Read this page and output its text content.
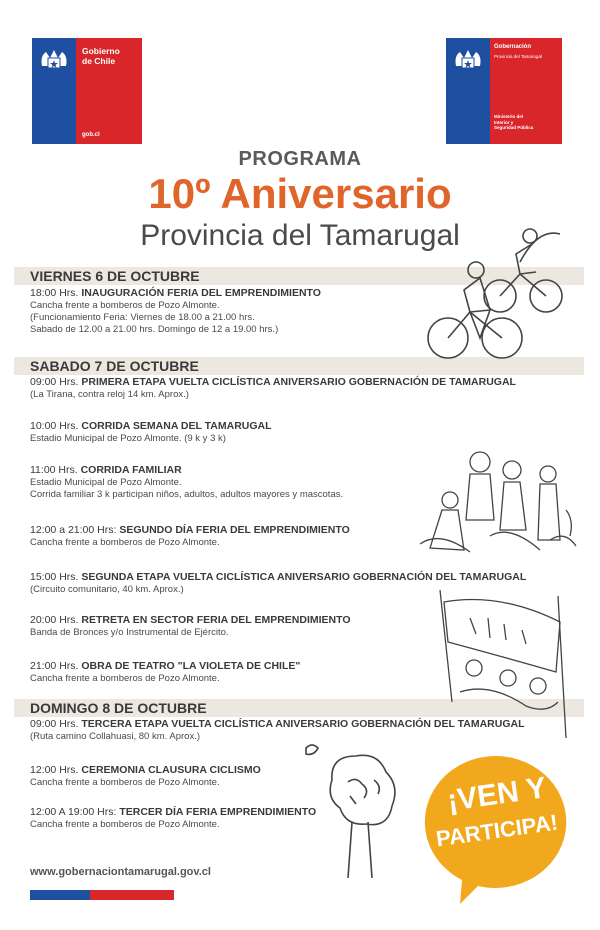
Gobierno
de Chile
gob.cl
Gobernación
Provincia del Tamarugal
Ministerio del
Interior y
Seguridad Pública
PROGRAMA
10º Aniversario
Provincia del Tamarugal
VIERNES 6 DE OCTUBRE
18:00 Hrs. INAUGURACIÓN FERIA DEL EMPRENDIMIENTO
Cancha frente a bomberos de Pozo Almonte.
(Funcionamiento Feria: Viernes de 18.00 a 21.00 hrs.
Sabado de 12.00 a 21.00 hrs. Domingo de 12 a 19.00 hrs.)
SABADO 7 DE OCTUBRE
09:00 Hrs. PRIMERA ETAPA VUELTA CICLÍSTICA ANIVERSARIO GOBERNACIÓN DE TAMARUGAL
(La Tirana, contra reloj 14 km. Aprox.)
10:00 Hrs. CORRIDA SEMANA DEL TAMARUGAL
Estadio Municipal de Pozo Almonte. (9 k y 3 k)
11:00 Hrs. CORRIDA FAMILIAR
Estadio Municipal de Pozo Almonte.
Corrida familiar 3 k participan niños, adultos, adultos mayores y mascotas.
12:00 a 21:00 Hrs: SEGUNDO DÍA FERIA DEL EMPRENDIMIENTO
Cancha frente a bomberos de Pozo Almonte.
15:00 Hrs. SEGUNDA ETAPA VUELTA CICLÍSTICA ANIVERSARIO GOBERNACIÓN DEL TAMARUGAL
(Circuito comunitario, 40 km. Aprox.)
20:00 Hrs. RETRETA EN SECTOR FERIA DEL EMPRENDIMIENTO
Banda de Bronces y/o Instrumental de Ejército.
21:00 Hrs. OBRA DE TEATRO "LA VIOLETA DE CHILE"
Cancha frente a bomberos de Pozo Almonte.
DOMINGO 8 DE OCTUBRE
09:00 Hrs. TERCERA ETAPA VUELTA CICLÍSTICA ANIVERSARIO GOBERNACIÓN DEL TAMARUGAL
(Ruta camino Collahuasi, 80 km. Aprox.)
12:00 Hrs. CEREMONIA CLAUSURA CICLISMO
Cancha frente a bomberos de Pozo Almonte.
12:00 A 19:00 Hrs: TERCER DÍA FERIA EMPRENDIMIENTO
Cancha frente a bomberos de Pozo Almonte.
¡VEN Y
PARTICIPA!
www.gobernaciontamarugal.gov.cl
